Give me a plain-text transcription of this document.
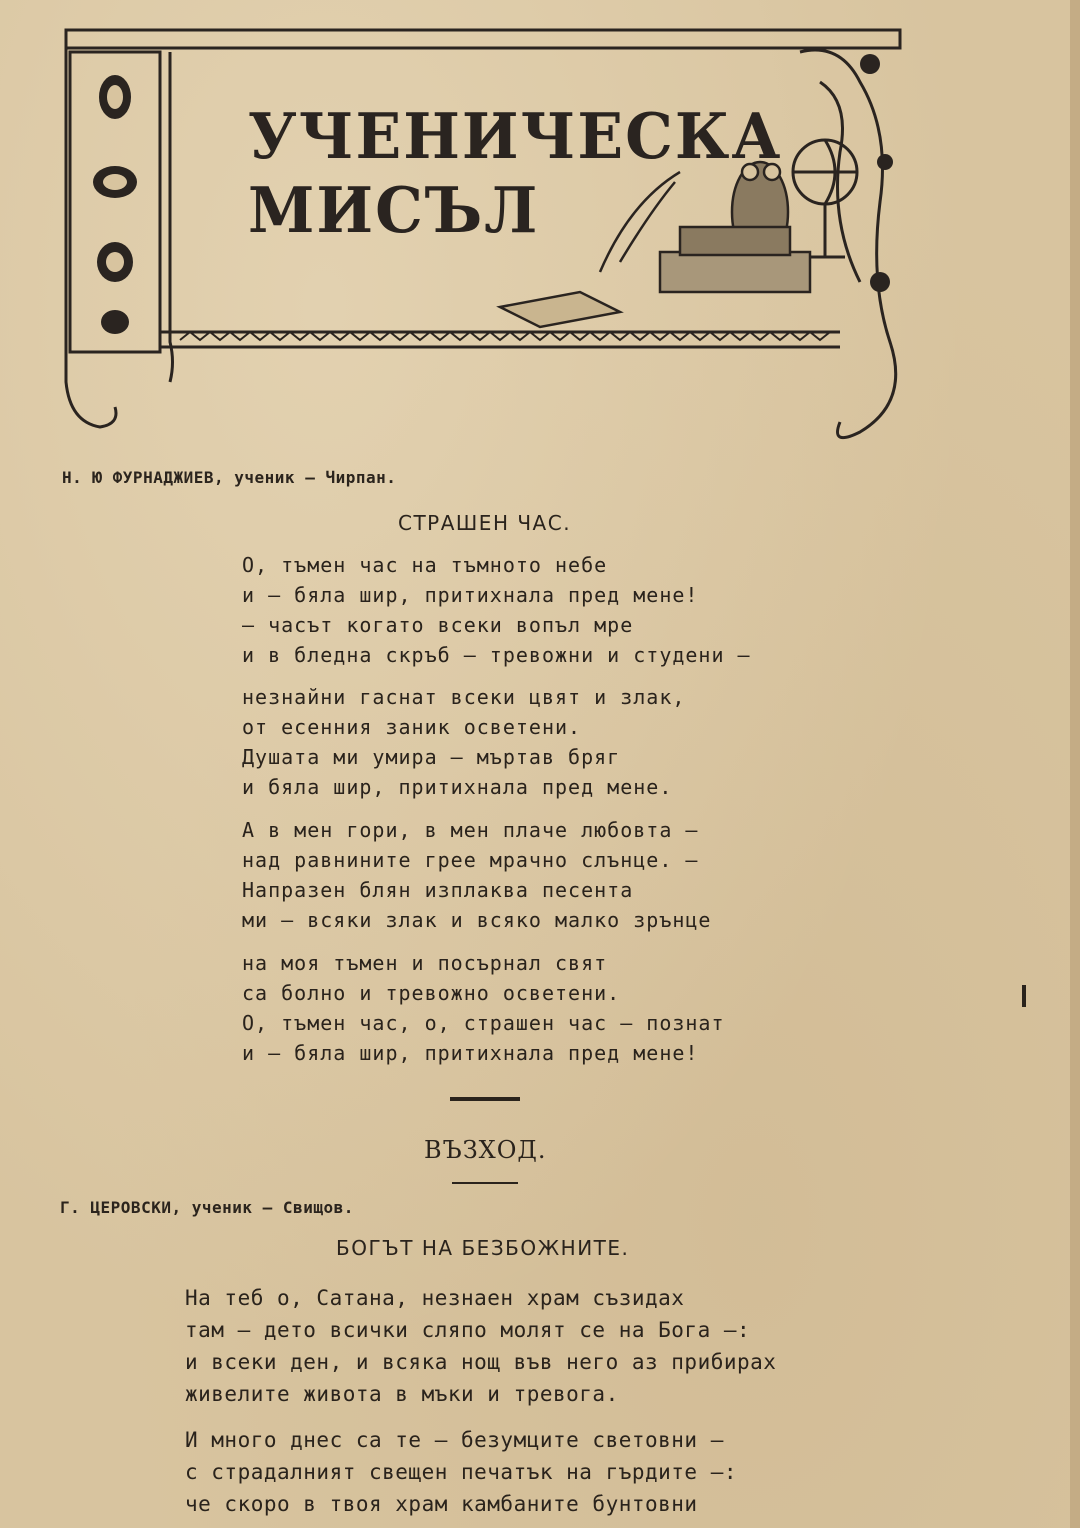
УЧЕНИЧЕСКА МИСЪЛ
Н. Ю ФУРНАДЖИЕВ, ученик — Чирпан.
СТРАШЕН ЧАС.
О, тъмен час на тъмното небе
и — бяла шир, притихнала пред мене!
— часът когато всеки вопъл мре
и в бледна скръб — тревожни и студени —
незнайни гаснат всеки цвят и злак,
от есенния заник осветени.
Душата ми умира — мъртав бряг
и бяла шир, притихнала пред мене.
А в мен гори, в мен плаче любовта —
над равнините грее мрачно слънце. —
Напразен блян изплаква песента
ми — всяки злак и всяко малко зрънце
на моя тъмен и посърнал свят
са болно и тревожно осветени.
О, тъмен час, о, страшен час — познат
и — бяла шир, притихнала пред мене!
ВЪЗХОД.
Г. ЦЕРОВСКИ, ученик — Свищов.
БОГЪТ НА БЕЗБОЖНИТЕ.
На теб о, Сатана, незнаен храм съзидах
там — дето всички сляпо молят се на Бога —:
и всеки ден, и всяка нощ във него аз прибирах
живелите живота в мъки и тревога.
И много днес са те — безумците световни —
с страдалният свещен печатък на гърдите —:
че скоро в твоя храм камбаните бунтовни
